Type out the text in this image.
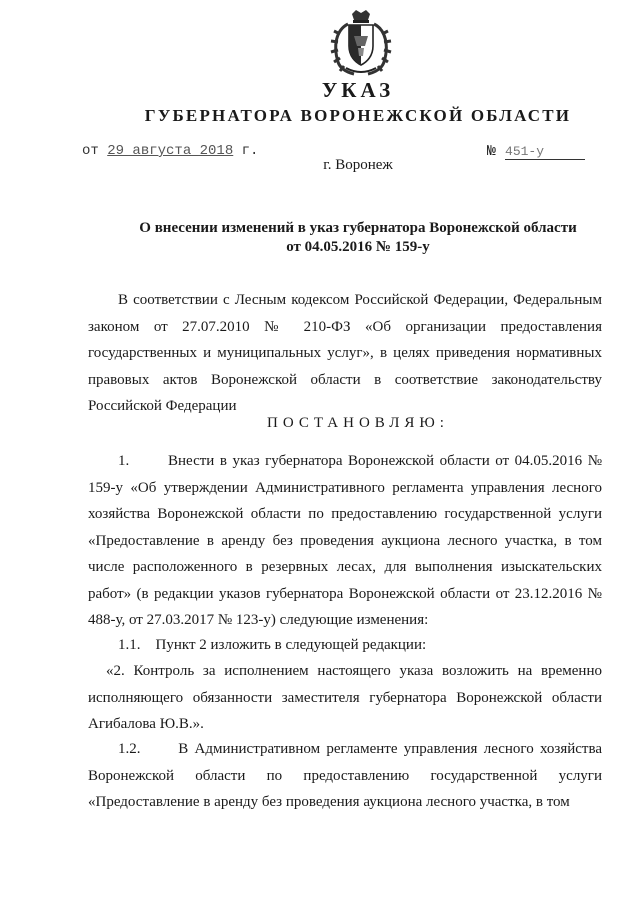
УКАЗ
ГУБЕРНАТОРА ВОРОНЕЖСКОЙ ОБЛАСТИ
от 29 августа 2018 г.	№ 451-у
г. Воронеж
О внесении изменений в указ губернатора Воронежской области
от 04.05.2016 № 159-у
В соответствии с Лесным кодексом Российской Федерации, Федеральным законом от 27.07.2010 № 210-ФЗ «Об организации предоставления государственных и муниципальных услуг», в целях приведения нормативных правовых актов Воронежской области в соответствие законодательству Российской Федерации
ПОСТАНОВЛЯЮ:
1.	Внести в указ губернатора Воронежской области от 04.05.2016 № 159-у «Об утверждении Административного регламента управления лесного хозяйства Воронежской области по предоставлению государственной услуги «Предоставление в аренду без проведения аукциона лесного участка, в том числе расположенного в резервных лесах, для выполнения изыскательских работ» (в редакции указов губернатора Воронежской области от 23.12.2016 № 488-у, от 27.03.2017 № 123-у) следующие изменения:
1.1. Пункт 2 изложить в следующей редакции:
«2. Контроль за исполнением настоящего указа возложить на временно исполняющего обязанности заместителя губернатора Воронежской области Агибалова Ю.В.».
1.2.	В Административном регламенте управления лесного хозяйства Воронежской области по предоставлению государственной услуги «Предоставление в аренду без проведения аукциона лесного участка, в том
